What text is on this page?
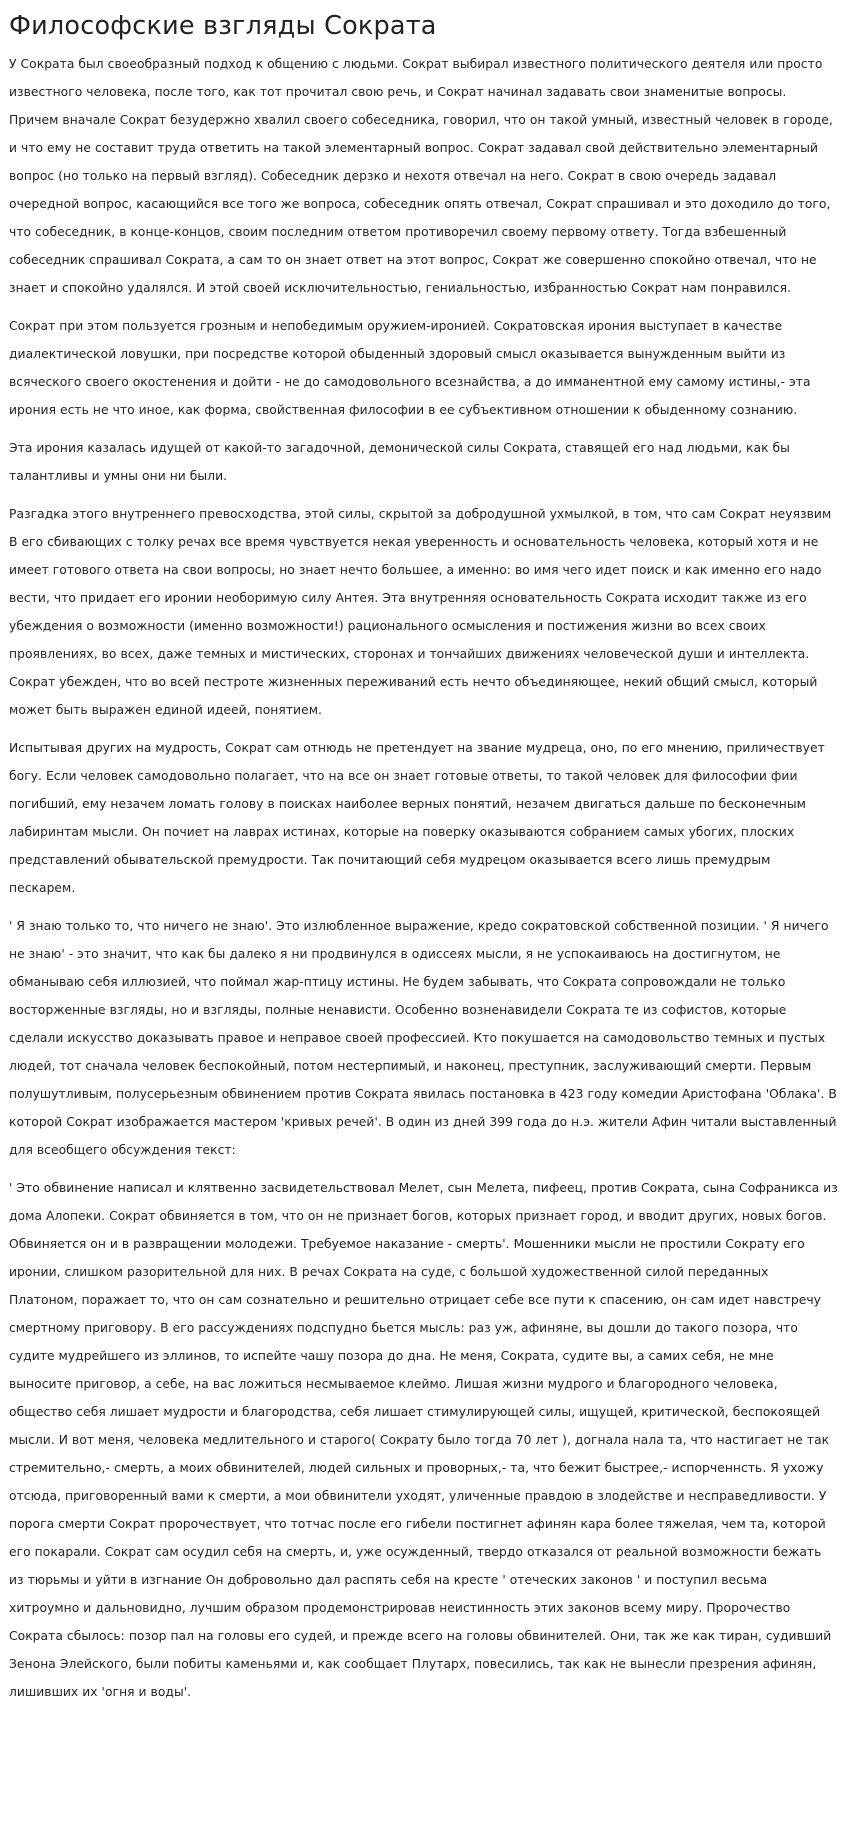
Философские взгляды Сократа

У Сократа был своеобразный подход к общению с людьми. Сократ выбирал известного политического деятеля или просто известного человека, после того, как тот прочитал свою речь, и Сократ начинал задавать свои знаменитые вопросы. Причем вначале Сократ безудержно хвалил своего собеседника, говорил, что он такой умный, известный человек в городе, и что ему не составит труда ответить на такой элементарный вопрос. Сократ задавал свой действительно элементарный вопрос (но только на первый взгляд). Собеседник дерзко и нехотя отвечал на него. Сократ в свою очередь задавал очередной вопрос, касающийся все того же вопроса, собеседник опять отвечал, Сократ спрашивал и это доходило до того, что собеседник, в конце-концов, своим последним ответом противоречил своему первому ответу. Тогда взбешенный собеседник спрашивал Сократа, а сам то он знает ответ на этот вопрос, Сократ же совершенно спокойно отвечал, что не знает и спокойно удалялся. И этой своей исключительностью, гениальностью, избранностью Сократ нам понравился.

Сократ при этом пользуется грозным и непобедимым оружием-иронией. Сократовская ирония выступает в качестве диалектической ловушки, при посредстве которой обыденный здоровый смысл оказывается вынужденным выйти из всяческого своего окостенения и дойти - не до самодовольного всезнайства, а до имманентной ему самому истины,- эта ирония есть не что иное, как форма, свойственная философии в ее субъективном отношении к обыденному сознанию.

Эта ирония казалась идущей от какой-то загадочной, демонической силы Сократа, ставящей его над людьми, как бы талантливы и умны они ни были.

Разгадка этого внутреннего превосходства, этой силы, скрытой за добродушной ухмылкой, в том, что сам Сократ неуязвим В его сбивающих с толку речах все время чувствуется некая уверенность и основательность человека, который хотя и не имеет готового ответа на свои вопросы, но знает нечто большее, а именно: во имя чего идет поиск и как именно его надо вести, что придает его иронии необоримую силу Антея. Эта внутренняя основательность Сократа исходит также из его убеждения о возможности (именно возможности!) рационального осмысления и постижения жизни во всех своих проявлениях, во всех, даже темных и мистических, сторонах и тончайших движениях человеческой души и интеллекта. Сократ убежден, что во всей пестроте жизненных переживаний есть нечто объединяющее, некий общий смысл, который может быть выражен единой идеей, понятием.

Испытывая других на мудрость, Сократ сам отнюдь не претендует на звание мудреца, оно, по его мнению, приличествует богу. Если человек самодовольно полагает, что на все он знает готовые ответы, то такой человек для философии фии погибший, ему незачем ломать голову в поисках наиболее верных понятий, незачем двигаться дальше по бесконечным лабиринтам мысли. Он почиет на лаврах истинах, которые на поверку оказываются собранием самых убогих, плоских представлений обывательской премудрости. Так почитающий себя мудрецом оказывается всего лишь премудрым пескарем.

' Я знаю только то, что ничего не знаю'. Это излюбленное выражение, кредо сократовской собственной позиции. ' Я ничего не знаю' - это значит, что как бы далеко я ни продвинулся в одиссеях мысли, я не успокаиваюсь на достигнутом, не обманываю себя иллюзией, что поймал жар-птицу истины. Не будем забывать, что Сократа сопровождали не только восторженные взгляды, но и взгляды, полные ненависти. Особенно возненавидели Сократа те из софистов, которые сделали искусство доказывать правое и неправое своей профессией. Кто покушается на самодовольство темных и пустых людей, тот сначала человек беспокойный, потом нестерпимый, и наконец, преступник, заслуживающий смерти. Первым полушутливым, полусерьезным обвинением против Сократа явилась постановка в 423 году комедии Аристофана 'Облака'. В которой Сократ изображается мастером 'кривых речей'. В один из дней 399 года до н.э. жители Афин читали выставленный для всеобщего обсуждения текст:

' Это обвинение написал и клятвенно засвидетельствовал Мелет, сын Мелета, пифеец, против Сократа, сына Софраникса из дома Алопеки. Сократ обвиняется в том, что он не признает богов, которых признает город, и вводит других, новых богов. Обвиняется он и в развращении молодежи. Требуемое наказание - смерть'. Мошенники мысли не простили Сократу его иронии, слишком разорительной для них. В речах Сократа на суде, с большой художественной силой переданных Платоном, поражает то, что он сам сознательно и решительно отрицает себе все пути к спасению, он сам идет навстречу смертному приговору. В его рассуждениях подспудно бьется мысль: раз уж, афиняне, вы дошли до такого позора, что судите мудрейшего из эллинов, то испейте чашу позора до дна. Не меня, Сократа, судите вы, а самих себя, не мне выносите приговор, а себе, на вас ложиться несмываемое клеймо. Лишая жизни мудрого и благородного человека, общество себя лишает мудрости и благородства, себя лишает стимулирующей силы, ищущей, критической, беспокоящей мысли. И вот меня, человека медлительного и старого( Сократу было тогда 70 лет ), догнала нала та, что настигает не так стремительно,- смерть, а моих обвинителей, людей сильных и проворных,- та, что бежит быстрее,- испорченнсть. Я ухожу отсюда, приговоренный вами к смерти, а мои обвинители уходят, уличенные правдою в злодействе и несправедливости. У порога смерти Сократ пророчествует, что тотчас после его гибели постигнет афинян кара более тяжелая, чем та, которой его покарали. Сократ сам осудил себя на смерть, и, уже осужденный, твердо отказался от реальной возможности бежать из тюрьмы и уйти в изгнание Он добровольно дал распять себя на кресте ' отеческих законов ' и поступил весьма хитроумно и дальновидно, лучшим образом продемонстрировав неистинность этих законов всему миру. Пророчество Сократа сбылось: позор пал на головы его судей, и прежде всего на головы обвинителей. Они, так же как тиран, судивший Зенона Элейского, были побиты каменьями и, как сообщает Плутарх, повесились, так как не вынесли презрения афинян, лишивших их 'огня и воды'.
